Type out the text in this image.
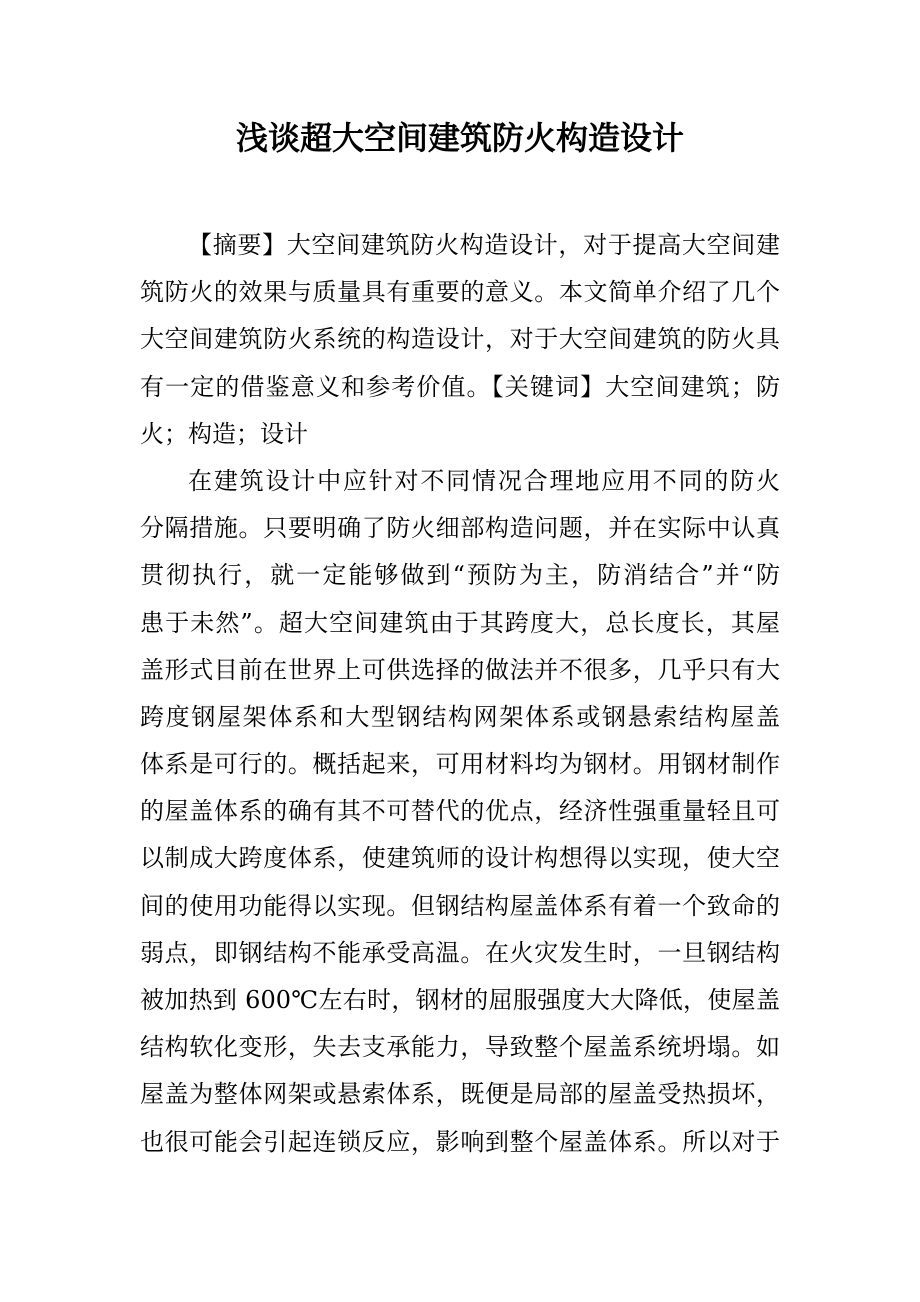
浅谈超大空间建筑防火构造设计
【摘要】大空间建筑防火构造设计，对于提高大空间建
筑防火的效果与质量具有重要的意义。本文简单介绍了几个
大空间建筑防火系统的构造设计，对于大空间建筑的防火具
有一定的借鉴意义和参考价值。【关键词】大空间建筑；防
火；构造；设计
在建筑设计中应针对不同情况合理地应用不同的防火
分隔措施。只要明确了防火细部构造问题，并在实际中认真
贯彻执行，就一定能够做到“预防为主，防消结合”并“防
患于未然”。超大空间建筑由于其跨度大，总长度长，其屋
盖形式目前在世界上可供选择的做法并不很多，几乎只有大
跨度钢屋架体系和大型钢结构网架体系或钢悬索结构屋盖
体系是可行的。概括起来，可用材料均为钢材。用钢材制作
的屋盖体系的确有其不可替代的优点，经济性强重量轻且可
以制成大跨度体系，使建筑师的设计构想得以实现，使大空
间的使用功能得以实现。但钢结构屋盖体系有着一个致命的
弱点，即钢结构不能承受高温。在火灾发生时，一旦钢结构
被加热到 600℃左右时，钢材的屈服强度大大降低，使屋盖
结构软化变形，失去支承能力，导致整个屋盖系统坍塌。如
屋盖为整体网架或悬索体系，既便是局部的屋盖受热损坏，
也很可能会引起连锁反应，影响到整个屋盖体系。所以对于
